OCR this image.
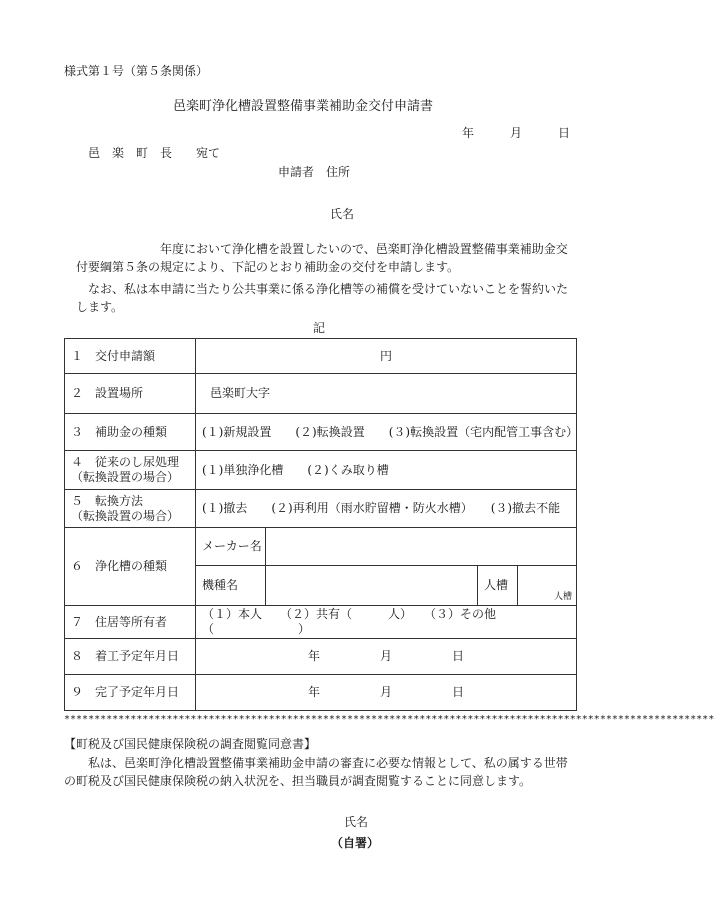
様式第１号（第５条関係）
邑楽町浄化槽設置整備事業補助金交付申請書
年　　　月　　　日
邑　楽　町　長　　宛て
申請者　住所
氏名
年度において浄化槽を設置したいので、邑楽町浄化槽設置整備事業補助金交付要綱第５条の規定により、下記のとおり補助金の交付を申請します。
なお、私は本申請に当たり公共事業に係る浄化槽等の補償を受けていないことを誓約いたします。
記
１　交付申請額	円			
２　設置場所	邑楽町大字			
３　補助金の種類	(１)新規設置　　(２)転換設置　　(３)転換設置（宅内配管工事含む）			

４　従来のし尿処理
（転換設置の場合）	(１)単独浄化槽　　(２)くみ取り槽			

５　転換方法
（転換設置の場合）	(１)撤去　　(２)再利用（雨水貯留槽・防火水槽）　　(３)撤去不能			
６　浄化槽の種類	メーカー名			
	機種名		人槽	人槽
７　住居等所有者	（１）本人　　（２）共有（　　　人）　　（３）その他（　　　　　　　）			
８　着工予定年月日	年　　　　　月　　　　　日			
９　完了予定年月日	年　　　　　月　　　　　日			
************************************************************************************************************
【町税及び国民健康保険税の調査閲覧同意書】
私は、邑楽町浄化槽設置整備事業補助金申請の審査に必要な情報として、私の属する世帯の町税及び国民健康保険税の納入状況を、担当職員が調査閲覧することに同意します。
氏名
（自署）
